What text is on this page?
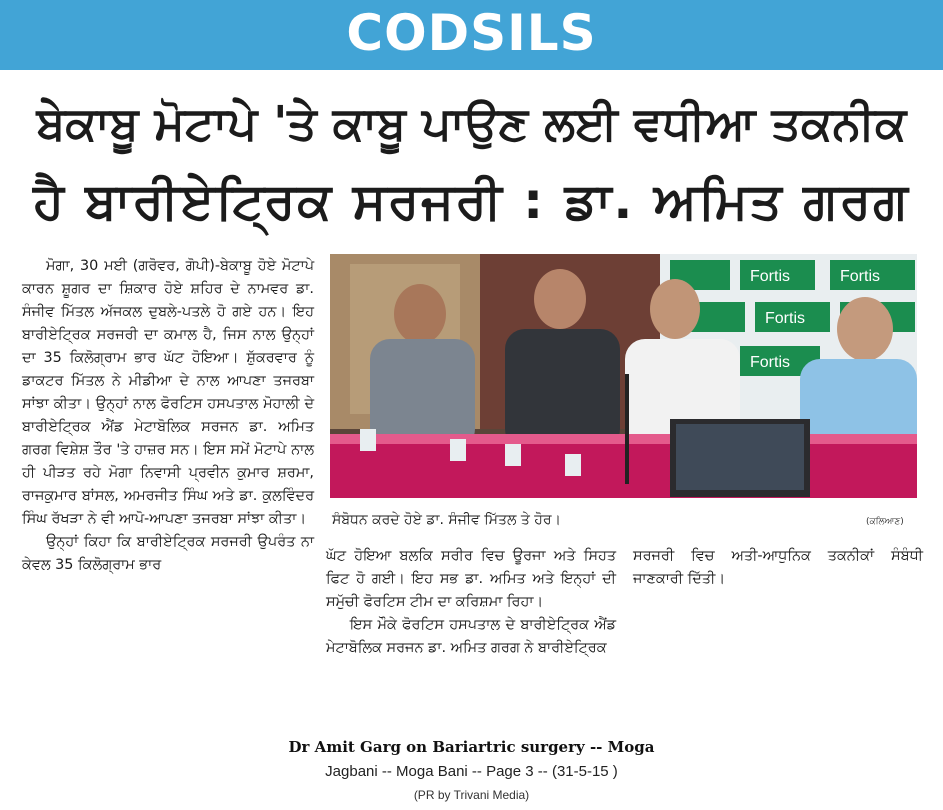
CODSILS
ਬੇਕਾਬੂ ਮੋਟਾਪੇ 'ਤੇ ਕਾਬੂ ਪਾਉਣ ਲਈ ਵਧੀਆ ਤਕਨੀਕ
ਹੈ ਬਾਰੀਏਟ੍ਰਿਕ ਸਰਜਰੀ : ਡਾ. ਅਮਿਤ ਗਰਗ

ਮੋਗਾ, 30 ਮਈ (ਗਰੋਵਰ, ਗੋਪੀ)-ਬੇਕਾਬੂ ਹੋਏ ਮੋਟਾਪੇ ਕਾਰਨ ਸ਼ੂਗਰ ਦਾ ਸ਼ਿਕਾਰ ਹੋਏ ਸ਼ਹਿਰ ਦੇ ਨਾਮਵਰ ਡਾ. ਸੰਜੀਵ ਮਿੱਤਲ ਅੱਜਕਲ ਦੁਬਲੇ-ਪਤਲੇ ਹੋ ਗਏ ਹਨ। ਇਹ ਬਾਰੀਏਟ੍ਰਿਕ ਸਰਜਰੀ ਦਾ ਕਮਾਲ ਹੈ, ਜਿਸ ਨਾਲ ਉਨ੍ਹਾਂ ਦਾ 35 ਕਿਲੋਗ੍ਰਾਮ ਭਾਰ ਘੱਟ ਹੋਇਆ। ਸ਼ੁੱਕਰਵਾਰ ਨੂੰ ਡਾਕਟਰ ਮਿੱਤਲ ਨੇ ਮੀਡੀਆ ਦੇ ਨਾਲ ਆਪਣਾ ਤਜਰਬਾ ਸਾਂਝਾ ਕੀਤਾ। ਉਨ੍ਹਾਂ ਨਾਲ ਫੋਰਟਿਸ ਹਸਪਤਾਲ ਮੋਹਾਲੀ ਦੇ ਬਾਰੀਏਟ੍ਰਿਕ ਐਂਡ ਮੇਟਾਬੋਲਿਕ ਸਰਜਨ ਡਾ. ਅਮਿਤ ਗਰਗ ਵਿਸ਼ੇਸ਼ ਤੌਰ 'ਤੇ ਹਾਜ਼ਰ ਸਨ। ਇਸ ਸਮੇਂ ਮੋਟਾਪੇ ਨਾਲ ਹੀ ਪੀੜਤ ਰਹੇ ਮੋਗਾ ਨਿਵਾਸੀ ਪ੍ਰਵੀਨ ਕੁਮਾਰ ਸ਼ਰਮਾ, ਰਾਜਕੁਮਾਰ ਬਾਂਸਲ, ਅਮਰਜੀਤ ਸਿੰਘ ਅਤੇ ਡਾ. ਕੁਲਵਿੰਦਰ ਸਿੰਘ ਰੱਖੜਾ ਨੇ ਵੀ ਆਪੋ-ਆਪਣਾ ਤਜਰਬਾ ਸਾਂਝਾ ਕੀਤਾ।

ਉਨ੍ਹਾਂ ਕਿਹਾ ਕਿ ਬਾਰੀਏਟ੍ਰਿਕ ਸਰਜਰੀ ਉਪਰੰਤ ਨਾ ਕੇਵਲ 35 ਕਿਲੋਗ੍ਰਾਮ ਭਾਰ

Fortis	Fortis
Fortis
Fortis
ਸੰਬੋਧਨ ਕਰਦੇ ਹੋਏ ਡਾ. ਸੰਜੀਵ ਮਿੱਤਲ ਤੇ ਹੋਰ।	(ਕਲਿਆਣ)

ਘੱਟ ਹੋਇਆ ਬਲਕਿ ਸਰੀਰ ਵਿਚ ਊਰਜਾ ਅਤੇ ਸਿਹਤ ਫਿਟ ਹੋ ਗਈ। ਇਹ ਸਭ ਡਾ. ਅਮਿਤ ਅਤੇ ਇਨ੍ਹਾਂ ਦੀ ਸਮੁੱਚੀ ਫੋਰਟਿਸ ਟੀਮ ਦਾ ਕਰਿਸ਼ਮਾ ਰਿਹਾ।

ਇਸ ਮੌਕੇ ਫੋਰਟਿਸ ਹਸਪਤਾਲ ਦੇ ਬਾਰੀਏਟ੍ਰਿਕ ਐਂਡ ਮੇਟਾਬੋਲਿਕ ਸਰਜਨ ਡਾ. ਅਮਿਤ ਗਰਗ ਨੇ ਬਾਰੀਏਟ੍ਰਿਕ

ਸਰਜਰੀ ਵਿਚ ਅਤੀ-ਆਧੁਨਿਕ ਤਕਨੀਕਾਂ ਸੰਬੰਧੀ ਜਾਣਕਾਰੀ ਦਿੱਤੀ।

Dr Amit Garg on Bariartric surgery -- Moga
Jagbani -- Moga Bani -- Page 3 -- (31-5-15 )
(PR by Trivani Media)
